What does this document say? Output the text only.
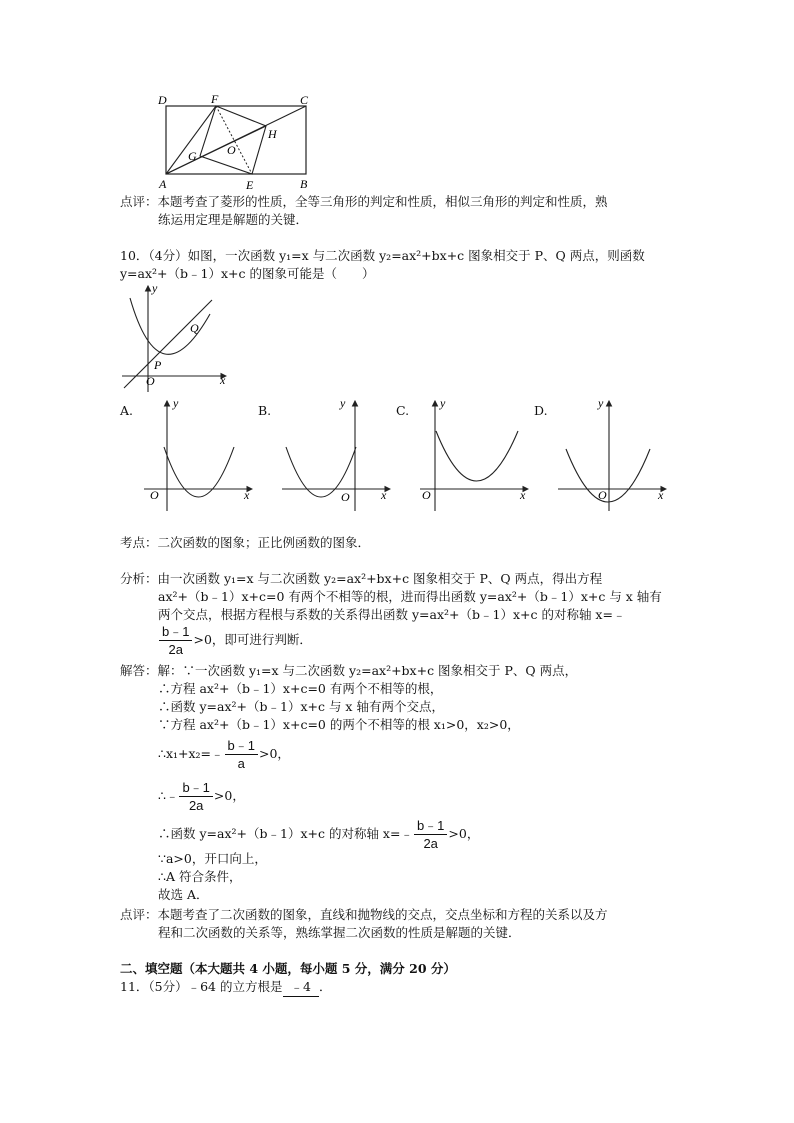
D	F	C
H
O
G
A	E	B
点评：本题考查了菱形的性质，全等三角形的判定和性质，相似三角形的判定和性质，熟
练运用定理是解题的关键．
10．（4分）如图，一次函数 y₁=x 与二次函数 y₂=ax²+bx+c 图象相交于 P、Q 两点，则函数
y=ax²+（b﹣1）x+c 的图象可能是（　　）
y
x
O
P
Q
A.	y
x
O
B.	y
x
O
C.	y
x
O
D.	y
x
O
考点：二次函数的图象；正比例函数的图象．
分析：由一次函数 y₁=x 与二次函数 y₂=ax²+bx+c 图象相交于 P、Q 两点，得出方程
ax²+（b﹣1）x+c=0 有两个不相等的根，进而得出函数 y=ax²+（b﹣1）x+c 与 x 轴有
两个交点，根据方程根与系数的关系得出函数 y=ax²+（b﹣1）x+c 的对称轴 x=﹣
$\frac{b﹣1}{2a} >0$，即可进行判断．
解答：解：∵一次函数 y₁=x 与二次函数 y₂=ax²+bx+c 图象相交于 P、Q 两点，
∴方程 ax²+（b﹣1）x+c=0 有两个不相等的根，
∴函数 y=ax²+（b﹣1）x+c 与 x 轴有两个交点，
∵方程 ax²+（b﹣1）x+c=0 的两个不相等的根 x₁>0，x₂>0，
∴x₁+x₂=﹣ $\frac{b﹣1}{a} >0$，
∴﹣ $\frac{b﹣1}{2a} >0$，
∴函数 y=ax²+（b﹣1）x+c 的对称轴 x=﹣ $\frac{b﹣1}{2a} >0$，
∵a>0，开口向上，
∴A 符合条件，
故选 A．
点评：本题考查了二次函数的图象，直线和抛物线的交点，交点坐标和方程的关系以及方
程和二次函数的关系等，熟练掌握二次函数的性质是解题的关键．
二、填空题（本大题共 4 小题，每小题 5 分，满分 20 分）
11．（5分）﹣64 的立方根是 ﹣4 ．
